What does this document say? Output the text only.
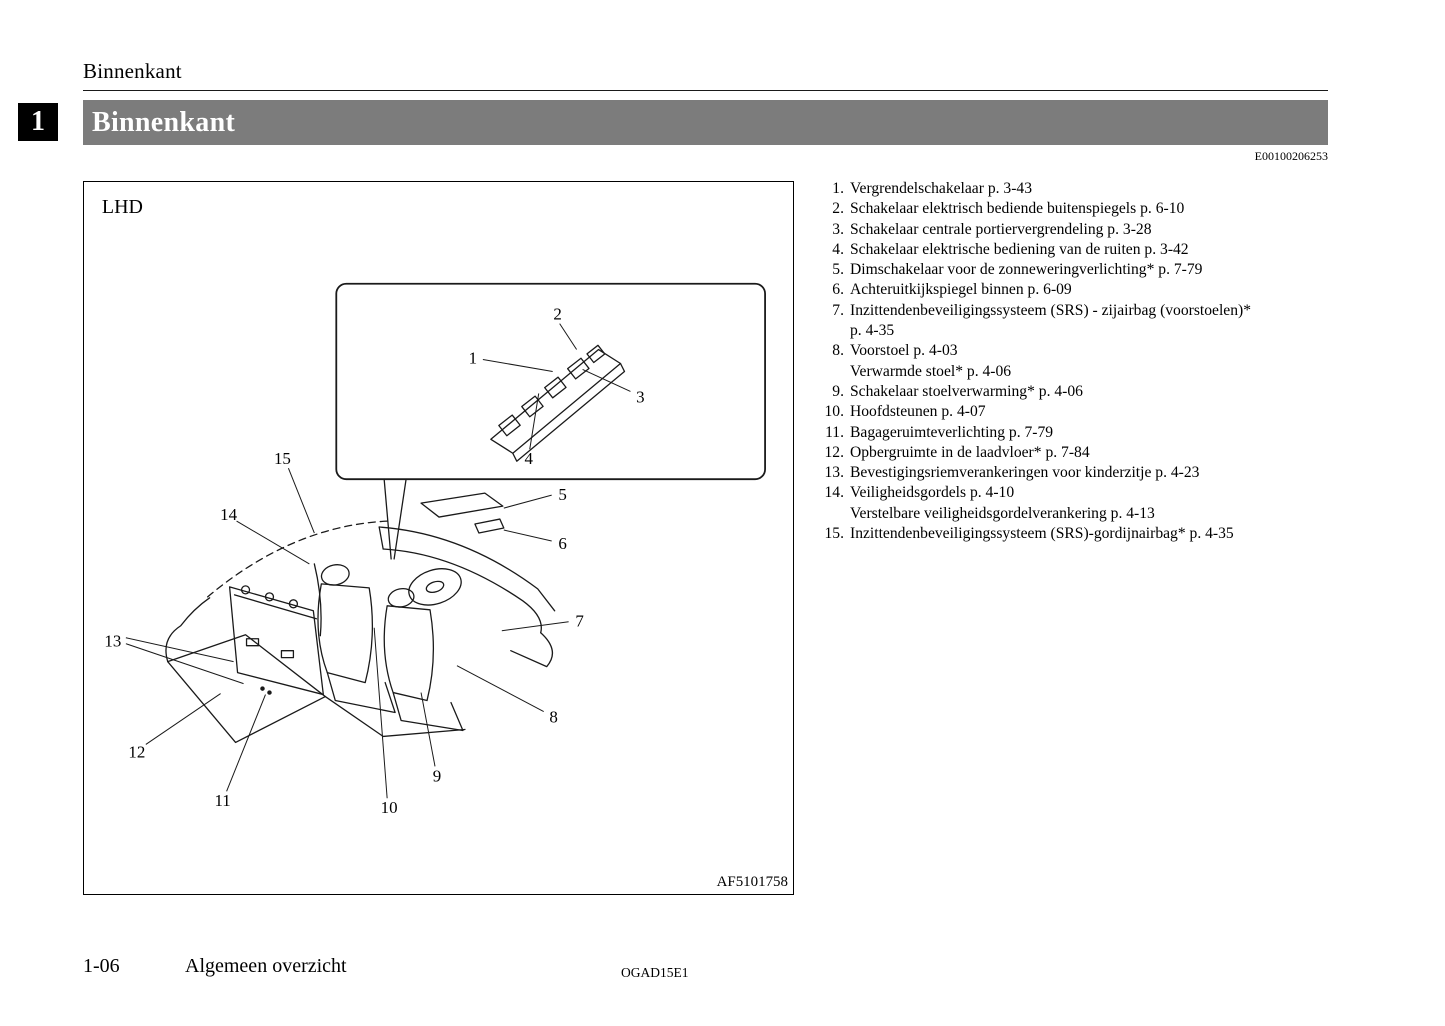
Binnenkant
1	Binnenkant
E00100206253
1
2
3
4
5
6
7
8
9
10
11
12
13
14
15
LHD
AF5101758
1. Vergrendelschakelaar p. 3-43
2. Schakelaar elektrisch bediende buitenspiegels p. 6-10
3. Schakelaar centrale portiervergrendeling p. 3-28
4. Schakelaar elektrische bediening van de ruiten p. 3-42
5. Dimschakelaar voor de zonneweringverlichting* p. 7-79
6. Achteruitkijkspiegel binnen p. 6-09
7. Inzittendenbeveiligingssysteem (SRS) - zijairbag (voorstoelen)*
p. 4-35
8. Voorstoel p. 4-03
Verwarmde stoel* p. 4-06
9. Schakelaar stoelverwarming* p. 4-06
10. Hoofdsteunen p. 4-07
11. Bagageruimteverlichting p. 7-79
12. Opbergruimte in de laadvloer* p. 7-84
13. Bevestigingsriemverankeringen voor kinderzitje p. 4-23
14. Veiligheidsgordels p. 4-10
Verstelbare veiligheidsgordelverankering p. 4-13
15. Inzittendenbeveiligingssysteem (SRS)-gordijnairbag* p. 4-35
1-06	Algemeen overzicht	OGAD15E1
